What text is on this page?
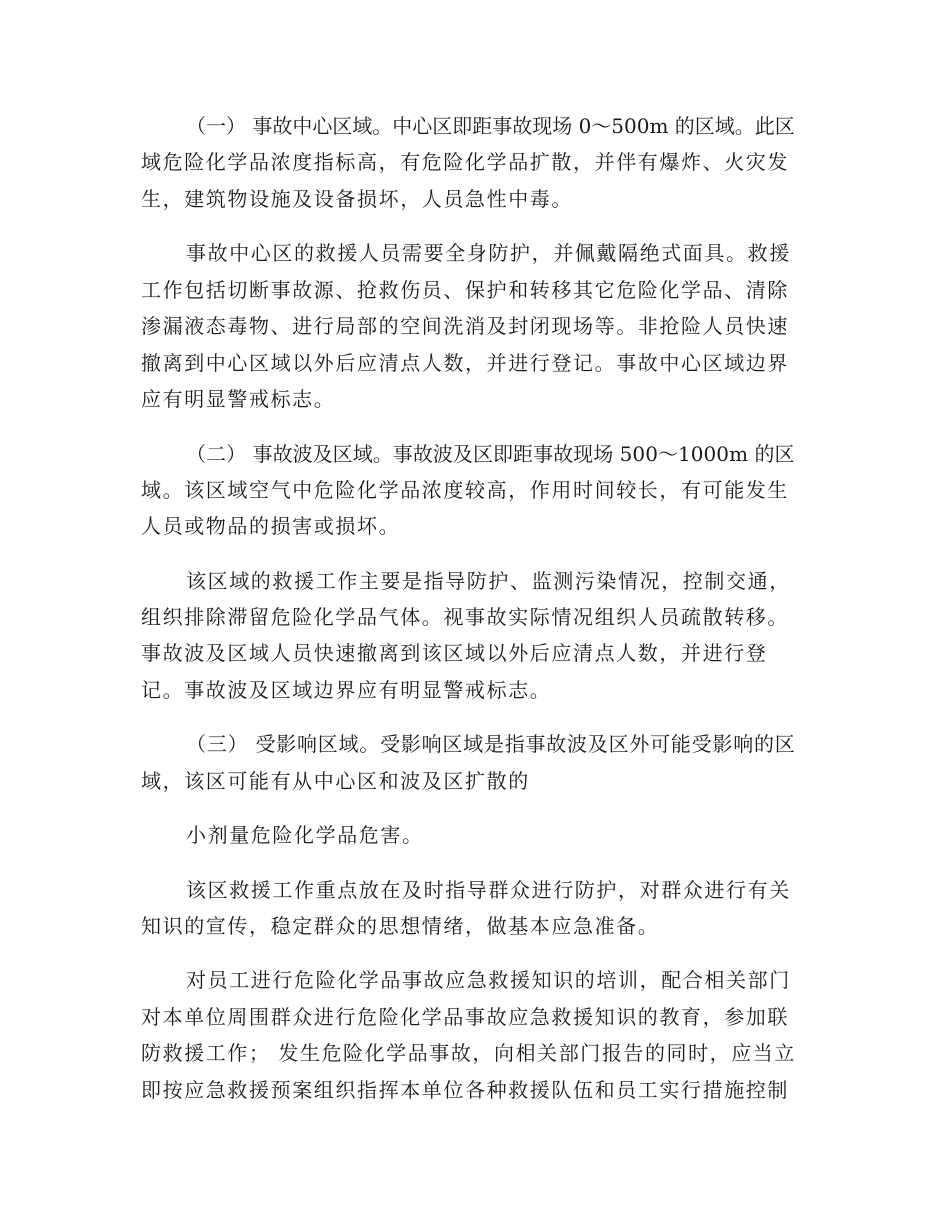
（一） 事故中心区域。中心区即距事故现场 0～500m 的区域。此区
域危险化学品浓度指标高，有危险化学品扩散，并伴有爆炸、火灾发
生，建筑物设施及设备损坏，人员急性中毒。
事故中心区的救援人员需要全身防护，并佩戴隔绝式面具。救援
工作包括切断事故源、抢救伤员、保护和转移其它危险化学品、清除
渗漏液态毒物、进行局部的空间洗消及封闭现场等。非抢险人员快速
撤离到中心区域以外后应清点人数，并进行登记。事故中心区域边界
应有明显警戒标志。
（二） 事故波及区域。事故波及区即距事故现场 500～1000m 的区
域。该区域空气中危险化学品浓度较高，作用时间较长，有可能发生
人员或物品的损害或损坏。
该区域的救援工作主要是指导防护、监测污染情况，控制交通，
组织排除滞留危险化学品气体。视事故实际情况组织人员疏散转移。
事故波及区域人员快速撤离到该区域以外后应清点人数，并进行登
记。事故波及区域边界应有明显警戒标志。
（三） 受影响区域。受影响区域是指事故波及区外可能受影响的区
域，该区可能有从中心区和波及区扩散的
小剂量危险化学品危害。
该区救援工作重点放在及时指导群众进行防护，对群众进行有关
知识的宣传，稳定群众的思想情绪，做基本应急准备。
对员工进行危险化学品事故应急救援知识的培训，配合相关部门
对本单位周围群众进行危险化学品事故应急救援知识的教育，参加联
防救援工作； 发生危险化学品事故，向相关部门报告的同时，应当立
即按应急救援预案组织指挥本单位各种救援队伍和员工实行措施控制
